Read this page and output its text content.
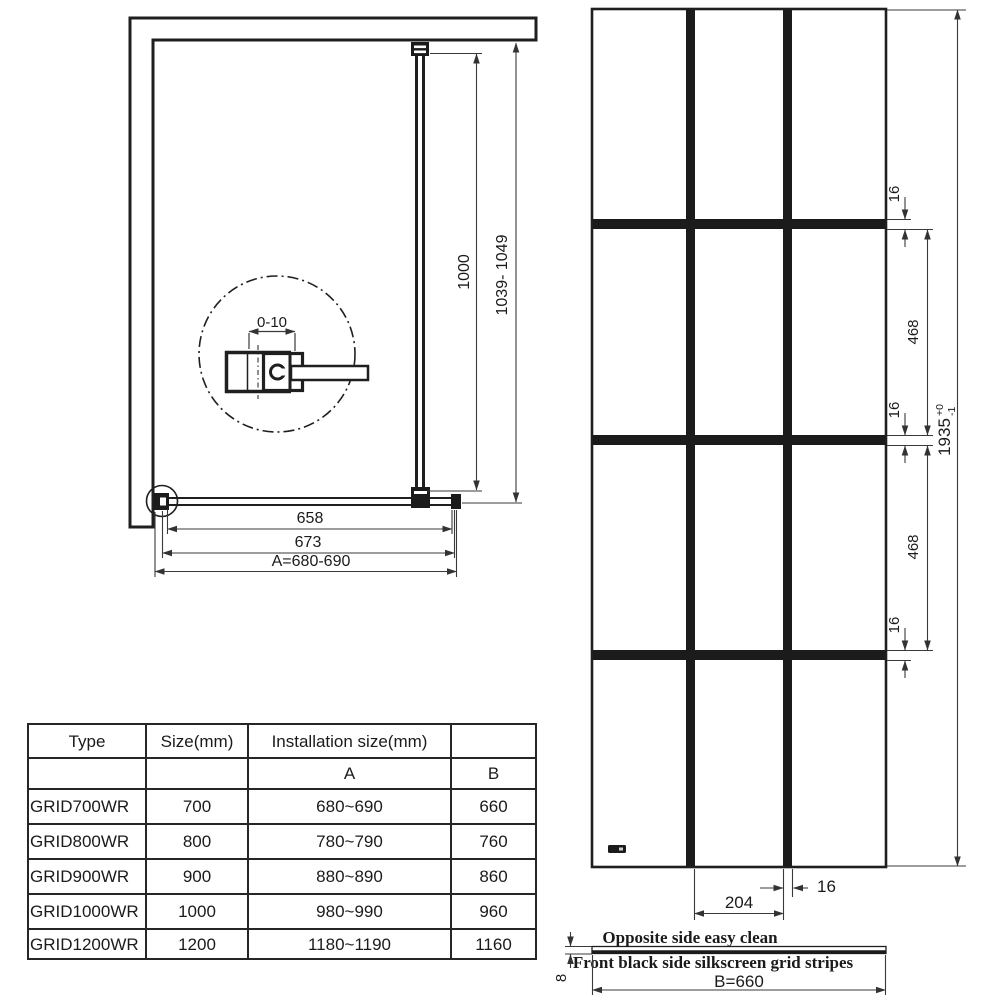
0-10
1000 1039- 1049
658
673
A=680-690
16
468
16
468
16
1935
+0 -1
16
204
8
Opposite side easy clean
Front black side silkscreen grid stripes
B=660
Type	Size(mm)	Installation size(mm)	
		A	B
GRID700WR	700	680~690	660
GRID800WR	800	780~790	760
GRID900WR	900	880~890	860
GRID1000WR	1000	980~990	960
GRID1200WR	1200	1180~1190	1160
